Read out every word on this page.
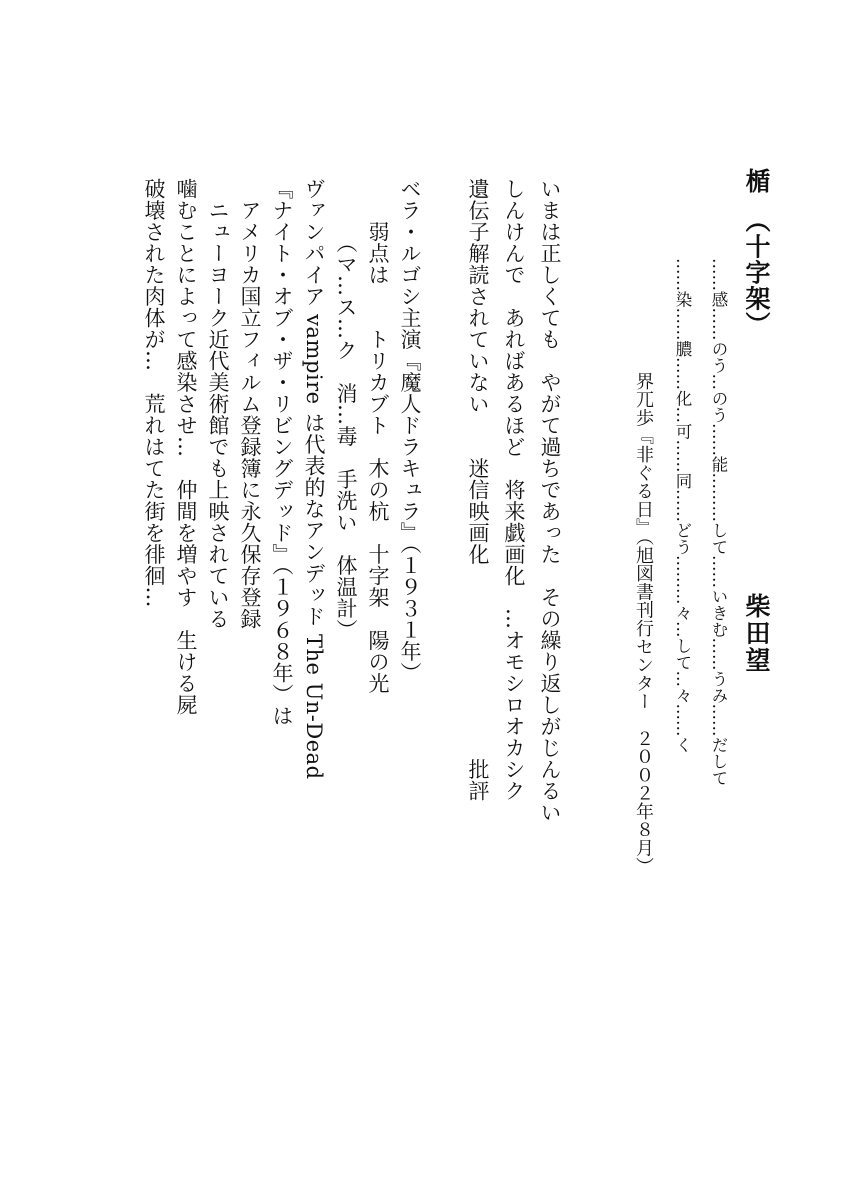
楯　（十字架）
柴田望
……感……のう…のう……能………して……いきむ……うみ……だして
……染……膿……化…可……同……どう………々…して…々……く
界兀歩『非ぐる日』（旭図書刊行センター　２００２年８月）
いまは正しくても　やがて過ちであった　その繰り返しがじんるい
しんけんで　あればあるほど　将来戯画化　…オモシロオカシク
遺伝子解読されていない　　迷信映画化　　　　　　　　　批評
ベラ・ルゴシ主演『魔人ドラキュラ』（１９３１年）
　　弱点は　　トリカブト　木の杭　十字架　陽の光
　　　（マ…ス…ク　消…毒　手洗い　体温計）
ヴァンパイア vampire は代表的なアンデッド The Un-Dead
『ナイト・オブ・ザ・リビングデッド』（１９６８年）は
　アメリカ国立フィルム登録簿に永久保存登録
　ニューヨーク近代美術館でも上映されている
噛むことによって感染させ…　仲間を増やす　生ける屍
破壊された肉体が…　荒れはてた街を徘徊…
